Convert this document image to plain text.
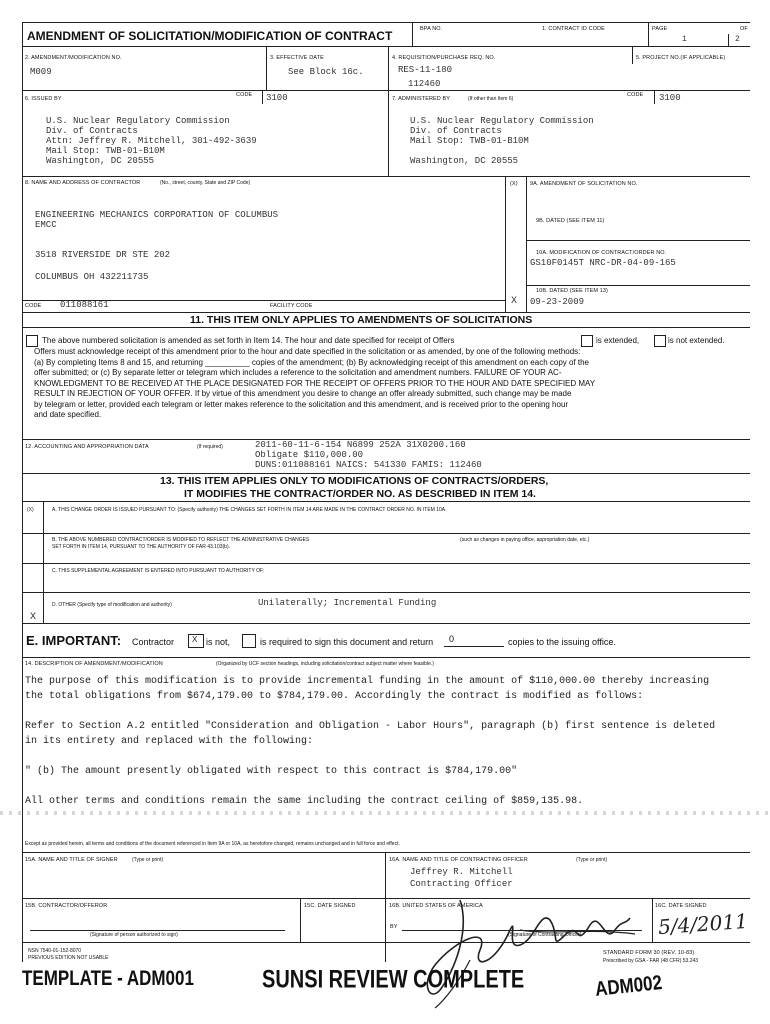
AMENDMENT OF SOLICITATION/MODIFICATION OF CONTRACT	BPA NO.	1. CONTRACT ID CODE	PAGE	OF
1	2
2. AMENDMENT/MODIFICATION NO.
M009
3. EFFECTIVE DATE
See Block 16c.
4. REQUISITION/PURCHASE REQ. NO.
RES-11-180
112460
5. PROJECT NO.(IF APPLICABLE)
6. ISSUED BY
CODE 3100
U.S. Nuclear Regulatory Commission
Div. of Contracts
Attn: Jeffrey R. Mitchell, 301-492-3639
Mail Stop: TWB-01-B10M
Washington, DC 20555
7. ADMINISTERED BY	(If other than Item 6)
CODE 3100
U.S. Nuclear Regulatory Commission
Div. of Contracts
Mail Stop: TWB-01-B10M
Washington, DC 20555
8. NAME AND ADDRESS OF CONTRACTOR	(No., street, county, State and ZIP Code)
ENGINEERING MECHANICS CORPORATION OF COLUMBUS
EMCC
3518 RIVERSIDE DR STE 202
COLUMBUS OH 432211735
CODE 011088161	FACILITY CODE
(X) 9A. AMENDMENT OF SOLICITATION NO.
9B. DATED (SEE ITEM 11)
10A. MODIFICATION OF CONTRACT/ORDER NO.
GS10F0145T NRC-DR-04-09-165
10B. DATED (SEE ITEM 13)
09-23-2009
X
11. THIS ITEM ONLY APPLIES TO AMENDMENTS OF SOLICITATIONS
The above numbered solicitation is amended as set forth in Item 14. The hour and date specified for receipt of Offers	is extended,	is not extended.
Offers must acknowledge receipt of this amendment prior to the hour and date specified in the solicitation or as amended, by one of the following methods:
(a) By completing Items 8 and 15, and returning __________ copies of the amendment; (b) By acknowledging receipt of this amendment on each copy of the
offer submitted; or (c) By separate letter or telegram which includes a reference to the solicitation and amendment numbers. FAILURE OF YOUR AC-
KNOWLEDGMENT TO BE RECEIVED AT THE PLACE DESIGNATED FOR THE RECEIPT OF OFFERS PRIOR TO THE HOUR AND DATE SPECIFIED MAY
RESULT IN REJECTION OF YOUR OFFER. If by virtue of this amendment you desire to change an offer already submitted, such change may be made
by telegram or letter, provided each telegram or letter makes reference to the solicitation and this amendment, and is received prior to the opening hour
and date specified.
12. ACCOUNTING AND APPROPRIATION DATA	(If required)	2011-60-11-6-154 N6899 252A 31X0200.160
Obligate $110,000.00
DUNS:011088161 NAICS: 541330 FAMIS: 112460
13. THIS ITEM APPLIES ONLY TO MODIFICATIONS OF CONTRACTS/ORDERS,
IT MODIFIES THE CONTRACT/ORDER NO. AS DESCRIBED IN ITEM 14.
(X)	A. THIS CHANGE ORDER IS ISSUED PURSUANT TO: (Specify authority) THE CHANGES SET FORTH IN ITEM 14 ARE MADE IN THE CONTRACT ORDER NO. IN ITEM 10A.
B. THE ABOVE NUMBERED CONTRACT/ORDER IS MODIFIED TO REFLECT THE ADMINISTRATIVE CHANGES	(such as changes in paying office, appropriation date, etc.)
SET FORTH IN ITEM 14, PURSUANT TO THE AUTHORITY OF FAR 43.103(b).
C. THIS SUPPLEMENTAL AGREEMENT IS ENTERED INTO PURSUANT TO AUTHORITY OF:
D. OTHER (Specify type of modification and authority)	Unilaterally; Incremental Funding
X
E. IMPORTANT: Contractor X is not,	is required to sign this document and return 0	copies to the issuing office.
14. DESCRIPTION OF AMENDMENT/MODIFICATION	(Organized by UCF section headings, including solicitation/contract subject matter where feasible.)
The purpose of this modification is to provide incremental funding in the amount of $110,000.00 thereby increasing
the total obligations from $674,179.00 to $784,179.00. Accordingly the contract is modified as follows:
Refer to Section A.2 entitled "Consideration and Obligation - Labor Hours", paragraph (b) first sentence is deleted
in its entirety and replaced with the following:
" (b) The amount presently obligated with respect to this contract is $784,179.00"
All other terms and conditions remain the same including the contract ceiling of $859,135.98.
Except as provided herein, all terms and conditions of the document referenced in Item 9A or 10A, as heretofore changed, remains unchanged and in full force and effect.
15A. NAME AND TITLE OF SIGNER	(Type or print)	16A. NAME AND TITLE OF CONTRACTING OFFICER	(Type or print)
Jeffrey R. Mitchell
Contracting Officer
15B. CONTRACTOR/OFFEROR	15C. DATE SIGNED	16B. UNITED STATES OF AMERICA	16C. DATE SIGNED
(Signature of person authorized to sign)
BY
(Signature of Contracting Officer)	5/4/2011
NSN 7540-01-152-8070
PREVIOUS EDITION NOT USABLE
STANDARD FORM 30 (REV. 10-83)
Prescribed by GSA - FAR (48 CFR) 53.243
TEMPLATE - ADM001	SUNSI REVIEW COMPLETE	ADM002
